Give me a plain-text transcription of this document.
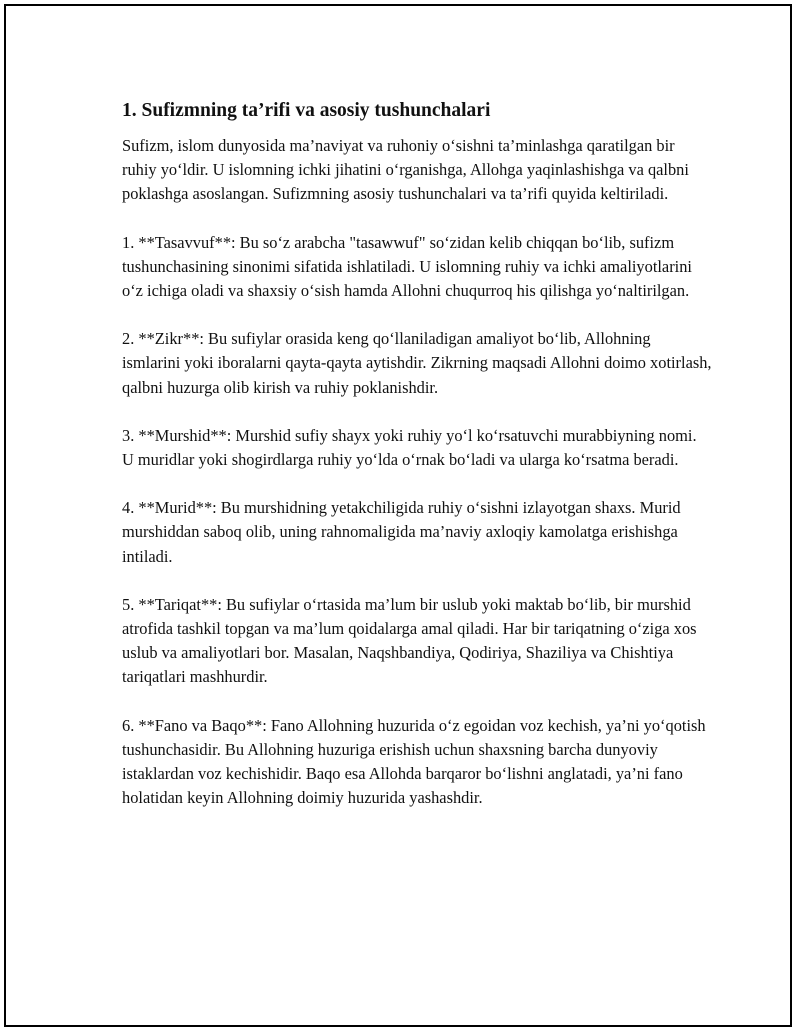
1. Sufizmning ta’rifi va asosiy tushunchalari

Sufizm, islom dunyosida ma’naviyat va ruhoniy o‘sishni ta’minlashga qaratilgan bir ruhiy yo‘ldir. U islomning ichki jihatini o‘rganishga, Allohga yaqinlashishga va qalbni poklashga asoslangan. Sufizmning asosiy tushunchalari va ta’rifi quyida keltiriladi.

1. **Tasavvuf**: Bu so‘z arabcha "tasawwuf" so‘zidan kelib chiqqan bo‘lib, sufizm tushunchasining sinonimi sifatida ishlatiladi. U islomning ruhiy va ichki amaliyotlarini o‘z ichiga oladi va shaxsiy o‘sish hamda Allohni chuqurroq his qilishga yo‘naltirilgan.

2. **Zikr**: Bu sufiylar orasida keng qo‘llaniladigan amaliyot bo‘lib, Allohning ismlarini yoki iboralarni qayta-qayta aytishdir. Zikrning maqsadi Allohni doimo xotirlash, qalbni huzurga olib kirish va ruhiy poklanishdir.

3. **Murshid**: Murshid sufiy shayx yoki ruhiy yo‘l ko‘rsatuvchi murabbiyning nomi. U muridlar yoki shogirdlarga ruhiy yo‘lda o‘rnak bo‘ladi va ularga ko‘rsatma beradi.

4. **Murid**: Bu murshidning yetakchiligida ruhiy o‘sishni izlayotgan shaxs. Murid murshiddan saboq olib, uning rahnomaligida ma’naviy axloqiy kamolatga erishishga intiladi.

5. **Tariqat**: Bu sufiylar o‘rtasida ma’lum bir uslub yoki maktab bo‘lib, bir murshid atrofida tashkil topgan va ma’lum qoidalarga amal qiladi. Har bir tariqatning o‘ziga xos uslub va amaliyotlari bor. Masalan, Naqshbandiya, Qodiriya, Shaziliya va Chishtiya tariqatlari mashhurdir.

6. **Fano va Baqo**: Fano Allohning huzurida o‘z egoidan voz kechish, ya’ni yo‘qotish tushunchasidir. Bu Allohning huzuriga erishish uchun shaxsning barcha dunyoviy istaklardan voz kechishidir. Baqo esa Allohda barqaror bo‘lishni anglatadi, ya’ni fano holatidan keyin Allohning doimiy huzurida yashashdir.
